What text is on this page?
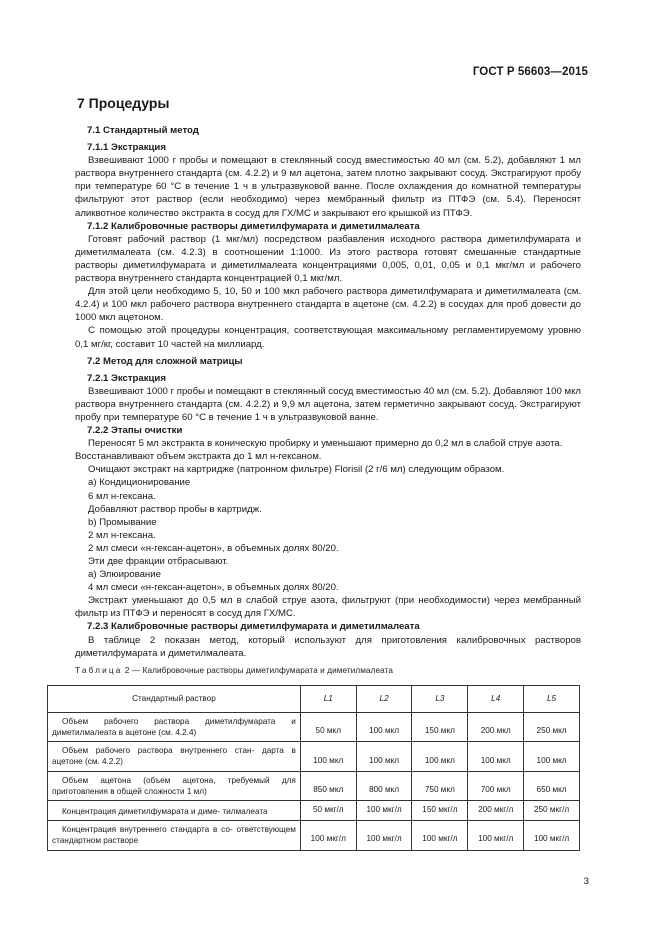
ГОСТ Р 56603—2015
7 Процедуры

7.1 Стандартный метод

7.1.1 Экстракция

Взвешивают 1000 г пробы и помещают в стеклянный сосуд вместимостью 40 мл (см. 5.2), добавляют 1 мл раствора внутреннего стандарта (см. 4.2.2) и 9 мл ацетона, затем плотно закрывают сосуд. Экстрагируют пробу при температуре 60 °С в течение 1 ч в ультразвуковой ванне. После охлаждения до комнатной температуры фильтруют этот раствор (если необходимо) через мембранный фильтр из ПТФЭ (см. 5.4). Переносят аликвотное количество экстракта в сосуд для ГХ/МС и закрывают его крышкой из ПТФЭ.

7.1.2 Калибровочные растворы диметилфумарата и диметилмалеата

Готовят рабочий раствор (1 мкг/мл) посредством разбавления исходного раствора диметилфумарата и диметилмалеата (см. 4.2.3) в соотношении 1:1000. Из этого раствора готовят смешанные стандартные растворы диметилфумарата и диметилмалеата концентрациями 0,005, 0,01, 0,05 и 0,1 мкг/мл и рабочего раствора внутреннего стандарта концентрацией 0,1 мкг/мл.

Для этой цели необходимо 5, 10, 50 и 100 мкл рабочего раствора диметилфумарата и диметилмалеата (см. 4.2.4) и 100 мкл рабочего раствора внутреннего стандарта в ацетоне (см. 4.2.2) в сосудах для проб довести до 1000 мкл ацетоном.

С помощью этой процедуры концентрация, соответствующая максимальному регламентируемому уровню 0,1 мг/кг, составит 10 частей на миллиард.

7.2 Метод для сложной матрицы

7.2.1 Экстракция

Взвешивают 1000 г пробы и помещают в стеклянный сосуд вместимостью 40 мл (см. 5.2). Добавляют 100 мкл раствора внутреннего стандарта (см. 4.2.2) и 9,9 мл ацетона, затем герметично закрывают сосуд. Экстрагируют пробу при температуре 60 °С в течение 1 ч в ультразвуковой ванне.

7.2.2 Этапы очистки

Переносят 5 мл экстракта в коническую пробирку и уменьшают примерно до 0,2 мл в слабой струе азота.

Восстанавливают объем экстракта до 1 мл н-гексаном.

Очищают экстракт на картридже (патронном фильтре) Florisil (2 г/6 мл) следующим образом.

а) Кондиционирование

6 мл н-гексана.

Добавляют раствор пробы в картридж.

b) Промывание

2 мл н-гексана.

2 мл смеси «н-гексан-ацетон», в объемных долях 80/20.

Эти две фракции отбрасывают.

а) Элюирование

4 мл смеси «н-гексан-ацетон», в объемных долях 80/20.

Экстракт уменьшают до 0,5 мл в слабой струе азота, фильтруют (при необходимости) через мембранный фильтр из ПТФЭ и переносят в сосуд для ГХ/МС.

7.2.3 Калибровочные растворы диметилфумарата и диметилмалеата

В таблице 2 показан метод, который используют для приготовления калибровочных растворов диметилфумарата и диметилмалеата.

Таблица 2 — Калибровочные растворы диметилфумарата и диметилмалеата
Стандартный раствор	L1	L2	L3	L4	L5
Объем рабочего раствора диметилфумарата и диметилмалеата в ацетоне (см. 4.2.4)	50 мкл	100 мкл	150 мкл	200 мкл	250 мкл
Объем рабочего раствора внутреннего стан- дарта в ацетоне (см. 4.2.2)	100 мкл	100 мкл	100 мкл	100 мкл	100 мкл
Объем ацетона (объем ацетона, требуемый для приготовления в общей сложности 1 мл)	850 мкл	800 мкл	750 мкл	700 мкл	650 мкл
Концентрация диметилфумарата и диме- тилмалеата	50 мкг/л	100 мкг/л	150 мкг/л	200 мкг/л	250 мкг/л
Концентрация внутреннего стандарта в со- ответствующем стандартном растворе	100 мкг/л	100 мкг/л	100 мкг/л	100 мкг/л	100 мкг/л
3
